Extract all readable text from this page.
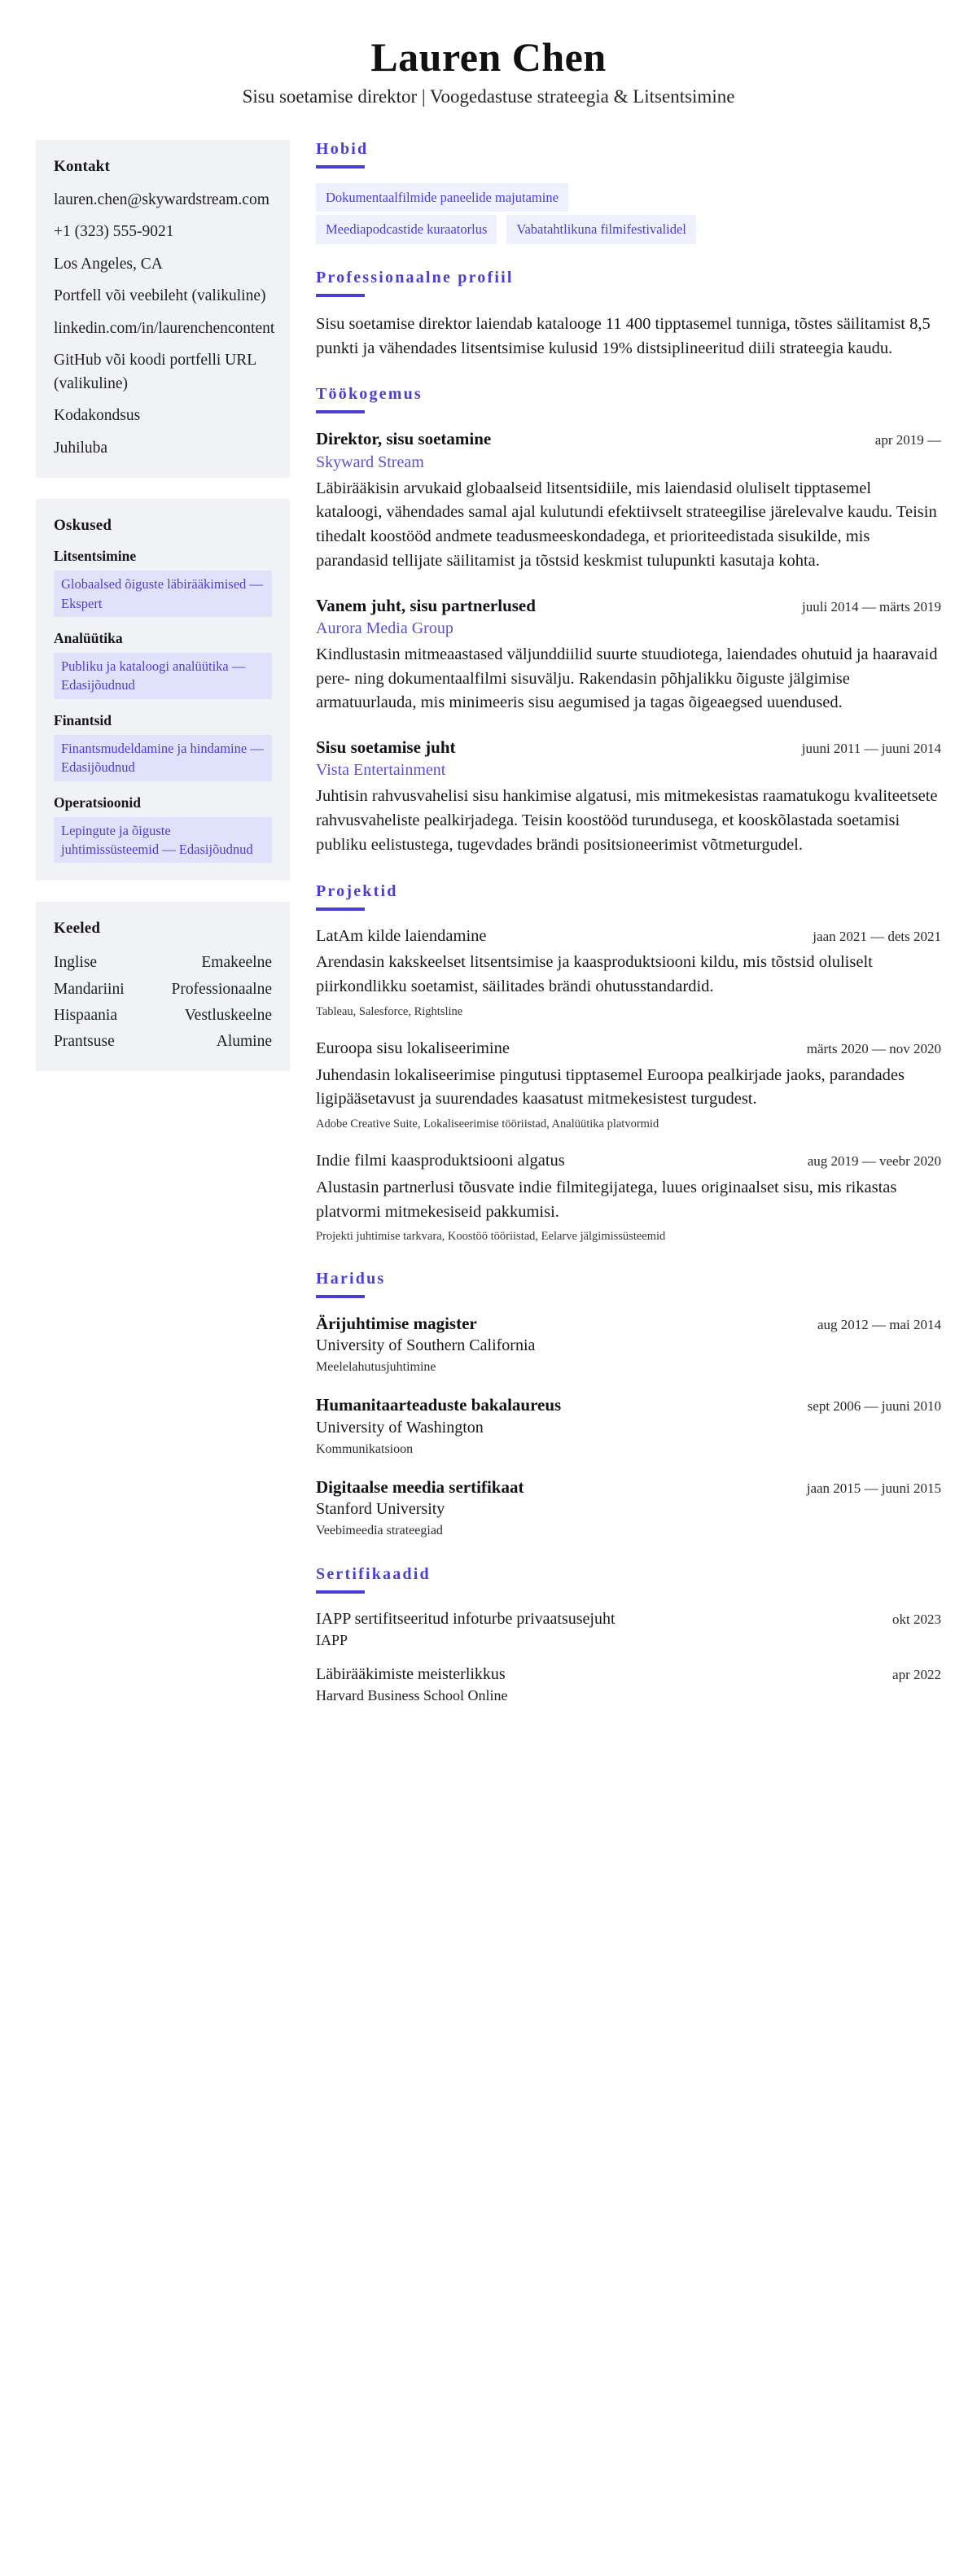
Lauren Chen

Sisu soetamise direktor | Voogedastuse strateegia & Litsentsimine

Kontakt
lauren.chen@skywardstream.com
+1 (323) 555-9021
Los Angeles, CA
Portfell või veebileht (valikuline)
linkedin.com/in/laurenchencontent
GitHub või koodi portfelli URL (valikuline)
Kodakondsus
Juhiluba
Oskused
Litsentsimine
Globaalsed õiguste läbirääkimised — Ekspert
Analüütika
Publiku ja kataloogi analüütika — Edasijõudnud
Finantsid
Finantsmudeldamine ja hindamine — Edasijõudnud
Operatsioonid
Lepingute ja õiguste juhtimissüsteemid — Edasijõudnud
Keeled
Inglise	Emakeelne
Mandariini	Professionaalne
Hispaania	Vestluskeelne
Prantsuse	Alumine
Hobid
Dokumentaalfilmide paneelide majutamine
Meediapodcastide kuraatorlus	Vabatahtlikuna filmifestivalidel
Professionaalne profiil

Sisu soetamise direktor laiendab katalooge 11 400 tipptasemel tunniga, tõstes säilitamist 8,5 punkti ja vähendades litsentsimise kulusid 19% distsiplineeritud diili strateegia kaudu.

Töökogemus
Direktor, sisu soetamine	apr 2019 —
Skyward Stream
Läbirääkisin arvukaid globaalseid litsentsidiile, mis laiendasid oluliselt tipptasemel kataloogi, vähendades samal ajal kulutundi efektiivselt strateegilise järelevalve kaudu. Teisin tihedalt koostööd andmete teadusmeeskondadega, et prioriteedistada sisukilde, mis parandasid tellijate säilitamist ja tõstsid keskmist tulupunkti kasutaja kohta.
Vanem juht, sisu partnerlused	juuli 2014 — märts 2019
Aurora Media Group
Kindlustasin mitmeaastased väljunddiilid suurte stuudiotega, laiendades ohutuid ja haaravaid pere- ning dokumentaalfilmi sisuvälju. Rakendasin põhjalikku õiguste jälgimise armatuurlauda, mis minimeeris sisu aegumised ja tagas õigeaegsed uuendused.
Sisu soetamise juht	juuni 2011 — juuni 2014
Vista Entertainment
Juhtisin rahvusvahelisi sisu hankimise algatusi, mis mitmekesistas raamatukogu kvaliteetsete rahvusvaheliste pealkirjadega. Teisin koostööd turundusega, et kooskõlastada soetamisi publiku eelistustega, tugevdades brändi positsioneerimist võtmeturgudel.
Projektid
LatAm kilde laiendamine	jaan 2021 — dets 2021
Arendasin kakskeelset litsentsimise ja kaasproduktsiooni kildu, mis tõstsid oluliselt piirkondlikku soetamist, säilitades brändi ohutusstandardid.
Tableau, Salesforce, Rightsline
Euroopa sisu lokaliseerimine	märts 2020 — nov 2020
Juhendasin lokaliseerimise pingutusi tipptasemel Euroopa pealkirjade jaoks, parandades ligipääsetavust ja suurendades kaasatust mitmekesistest turgudest.
Adobe Creative Suite, Lokaliseerimise tööriistad, Analüütika platvormid
Indie filmi kaasproduktsiooni algatus	aug 2019 — veebr 2020
Alustasin partnerlusi tõusvate indie filmitegijatega, luues originaalset sisu, mis rikastas platvormi mitmekesiseid pakkumisi.
Projekti juhtimise tarkvara, Koostöö tööriistad, Eelarve jälgimissüsteemid
Haridus
Ärijuhtimise magister	aug 2012 — mai 2014
University of Southern California
Meelelahutusjuhtimine
Humanitaarteaduste bakalaureus	sept 2006 — juuni 2010
University of Washington
Kommunikatsioon
Digitaalse meedia sertifikaat	jaan 2015 — juuni 2015
Stanford University
Veebimeedia strateegiad
Sertifikaadid
IAPP sertifitseeritud infoturbe privaatsusejuht	okt 2023
IAPP
Läbirääkimiste meisterlikkus	apr 2022
Harvard Business School Online
